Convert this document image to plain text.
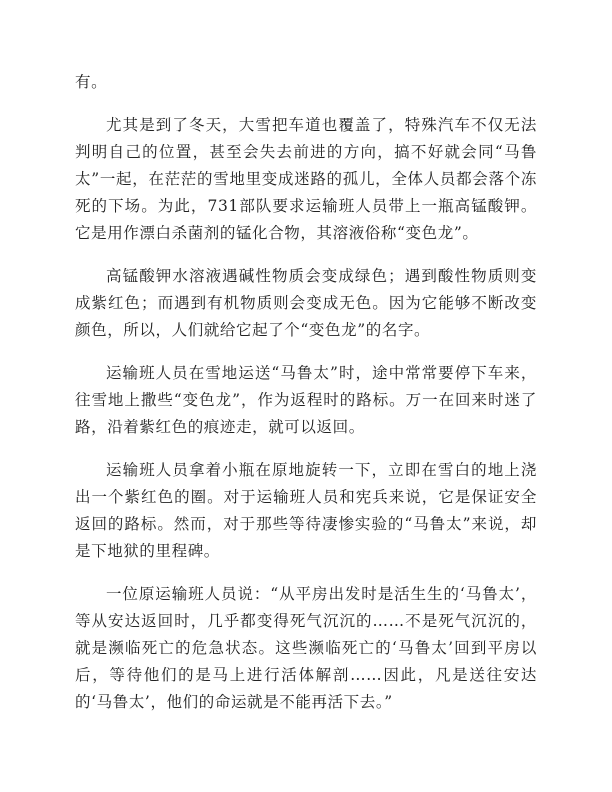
有。

尤其是到了冬天，大雪把车道也覆盖了，特殊汽车不仅无法判明自己的位置，甚至会失去前进的方向，搞不好就会同“马鲁太”一起，在茫茫的雪地里变成迷路的孤儿，全体人员都会落个冻死的下场。为此，731部队要求运输班人员带上一瓶高锰酸钾。它是用作漂白杀菌剂的锰化合物，其溶液俗称“变色龙”。

高锰酸钾水溶液遇碱性物质会变成绿色；遇到酸性物质则变成紫红色；而遇到有机物质则会变成无色。因为它能够不断改变颜色，所以，人们就给它起了个“变色龙”的名字。

运输班人员在雪地运送“马鲁太”时，途中常常要停下车来，往雪地上撒些“变色龙”，作为返程时的路标。万一在回来时迷了路，沿着紫红色的痕迹走，就可以返回。

运输班人员拿着小瓶在原地旋转一下，立即在雪白的地上浇出一个紫红色的圈。对于运输班人员和宪兵来说，它是保证安全返回的路标。然而，对于那些等待凄惨实验的“马鲁太”来说，却是下地狱的里程碑。

一位原运输班人员说：“从平房出发时是活生生的‘马鲁太’，等从安达返回时，几乎都变得死气沉沉的……不是死气沉沉的，就是濒临死亡的危急状态。这些濒临死亡的‘马鲁太’回到平房以后，等待他们的是马上进行活体解剖……因此，凡是送往安达的‘马鲁太’，他们的命运就是不能再活下去。”
